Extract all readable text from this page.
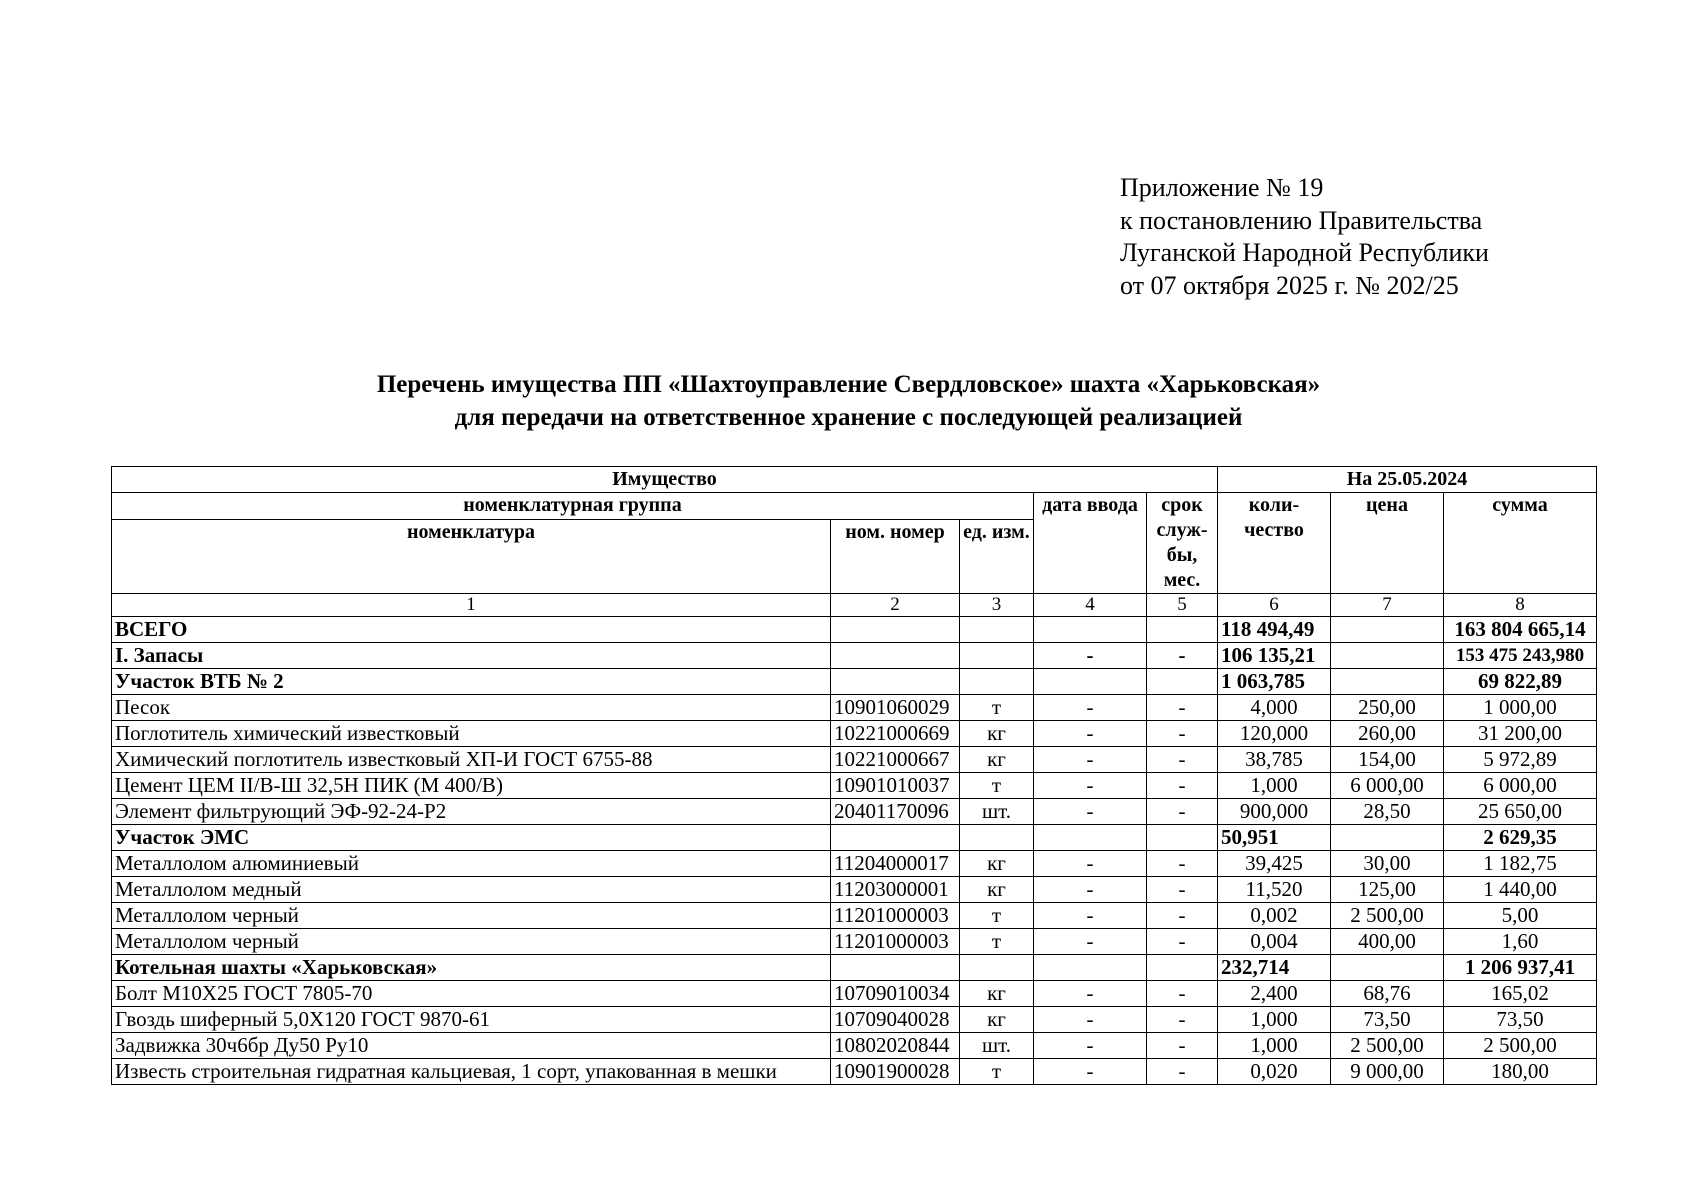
Приложение № 19
к постановлению Правительства
Луганской Народной Республики
от 07 октября 2025 г. № 202/25
Перечень имущества ПП «Шахтоуправление Свердловское» шахта «Харьковская»
для передачи на ответственное хранение с последующей реализацией
Имущество					На 25.05.2024		
номенклатурная группа			дата ввода	срок служ- бы, мес.	коли- чество	цена	сумма
номенклатура	ном. номер	ед. изм.					
1	2	3	4	5	6	7	8
ВСЕГО					118 494,49		163 804 665,14
I. Запасы			-	-	106 135,21		153 475 243,980
Участок ВТБ № 2					1 063,785		69 822,89
Песок	10901060029	т	-	-	4,000	250,00	1 000,00
Поглотитель химический известковый	10221000669	кг	-	-	120,000	260,00	31 200,00
Химический поглотитель известковый ХП-И ГОСТ 6755-88	10221000667	кг	-	-	38,785	154,00	5 972,89
Цемент ЦЕМ II/В-Ш 32,5Н ПИК (М 400/В)	10901010037	т	-	-	1,000	6 000,00	6 000,00
Элемент фильтрующий ЭФ-92-24-Р2	20401170096	шт.	-	-	900,000	28,50	25 650,00
Участок ЭМС					50,951		2 629,35
Металлолом алюминиевый	11204000017	кг	-	-	39,425	30,00	1 182,75
Металлолом медный	11203000001	кг	-	-	11,520	125,00	1 440,00
Металлолом черный	11201000003	т	-	-	0,002	2 500,00	5,00
Металлолом черный	11201000003	т	-	-	0,004	400,00	1,60
Котельная шахты «Харьковская»					232,714		1 206 937,41
Болт М10Х25 ГОСТ 7805-70	10709010034	кг	-	-	2,400	68,76	165,02
Гвоздь шиферный 5,0Х120 ГОСТ 9870-61	10709040028	кг	-	-	1,000	73,50	73,50
Задвижка 30ч6бр Ду50 Ру10	10802020844	шт.	-	-	1,000	2 500,00	2 500,00
Известь строительная гидратная кальциевая, 1 сорт, упакованная в мешки	10901900028	т	-	-	0,020	9 000,00	180,00
